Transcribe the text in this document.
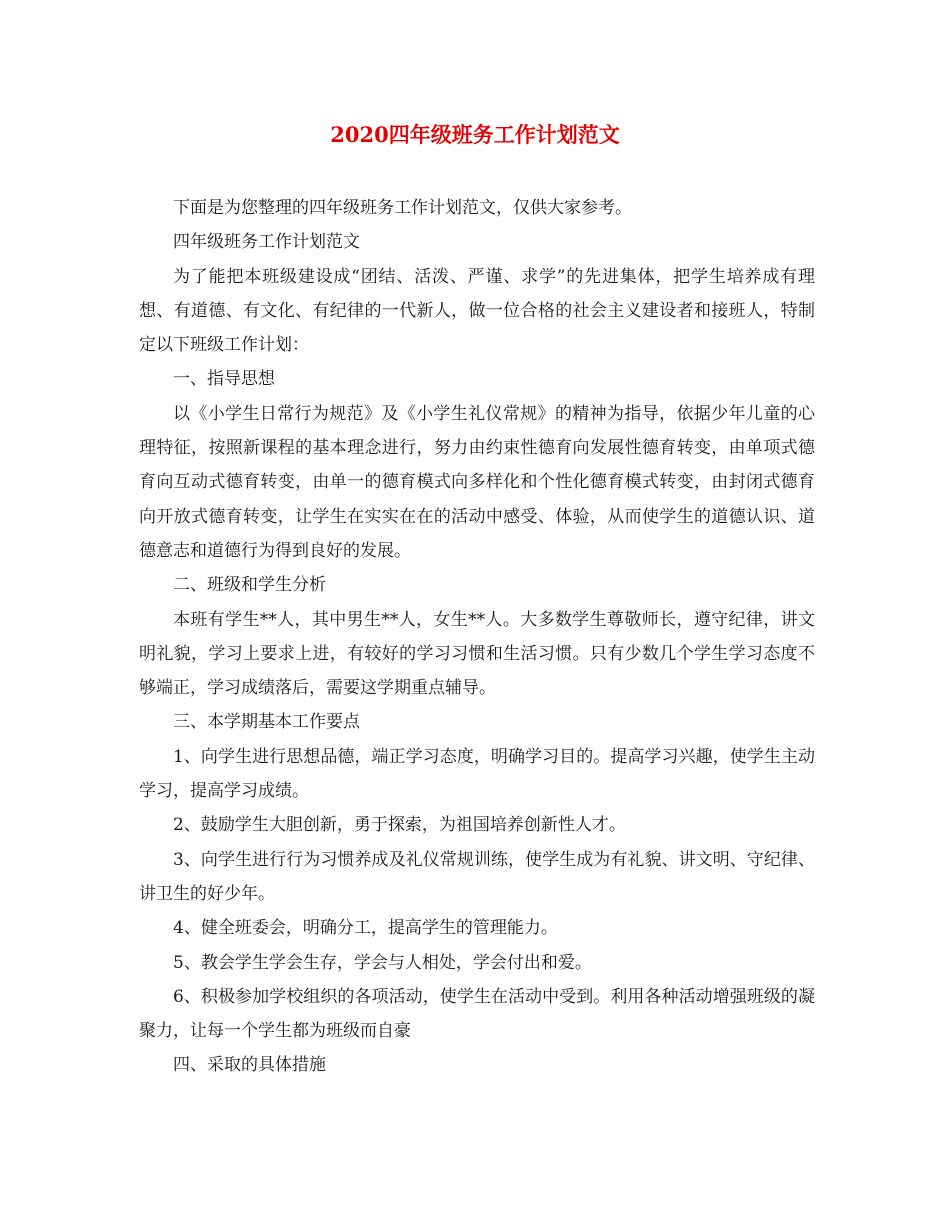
2020四年级班务工作计划范文

下面是为您整理的四年级班务工作计划范文，仅供大家参考。

四年级班务工作计划范文

为了能把本班级建设成“团结、活泼、严谨、求学”的先进集体，把学生培养成有理想、有道德、有文化、有纪律的一代新人，做一位合格的社会主义建设者和接班人，特制定以下班级工作计划：

一、指导思想

以《小学生日常行为规范》及《小学生礼仪常规》的精神为指导，依据少年儿童的心理特征，按照新课程的基本理念进行，努力由约束性德育向发展性德育转变，由单项式德育向互动式德育转变，由单一的德育模式向多样化和个性化德育模式转变，由封闭式德育向开放式德育转变，让学生在实实在在的活动中感受、体验，从而使学生的道德认识、道德意志和道德行为得到良好的发展。

二、班级和学生分析

本班有学生**人，其中男生**人，女生**人。大多数学生尊敬师长，遵守纪律，讲文明礼貌，学习上要求上进，有较好的学习习惯和生活习惯。只有少数几个学生学习态度不够端正，学习成绩落后，需要这学期重点辅导。

三、本学期基本工作要点

1、向学生进行思想品德，端正学习态度，明确学习目的。提高学习兴趣，使学生主动学习，提高学习成绩。

2、鼓励学生大胆创新，勇于探索，为祖国培养创新性人才。

3、向学生进行行为习惯养成及礼仪常规训练，使学生成为有礼貌、讲文明、守纪律、讲卫生的好少年。

4、健全班委会，明确分工，提高学生的管理能力。

5、教会学生学会生存，学会与人相处，学会付出和爱。

6、积极参加学校组织的各项活动，使学生在活动中受到。利用各种活动增强班级的凝聚力，让每一个学生都为班级而自豪

四、采取的具体措施
